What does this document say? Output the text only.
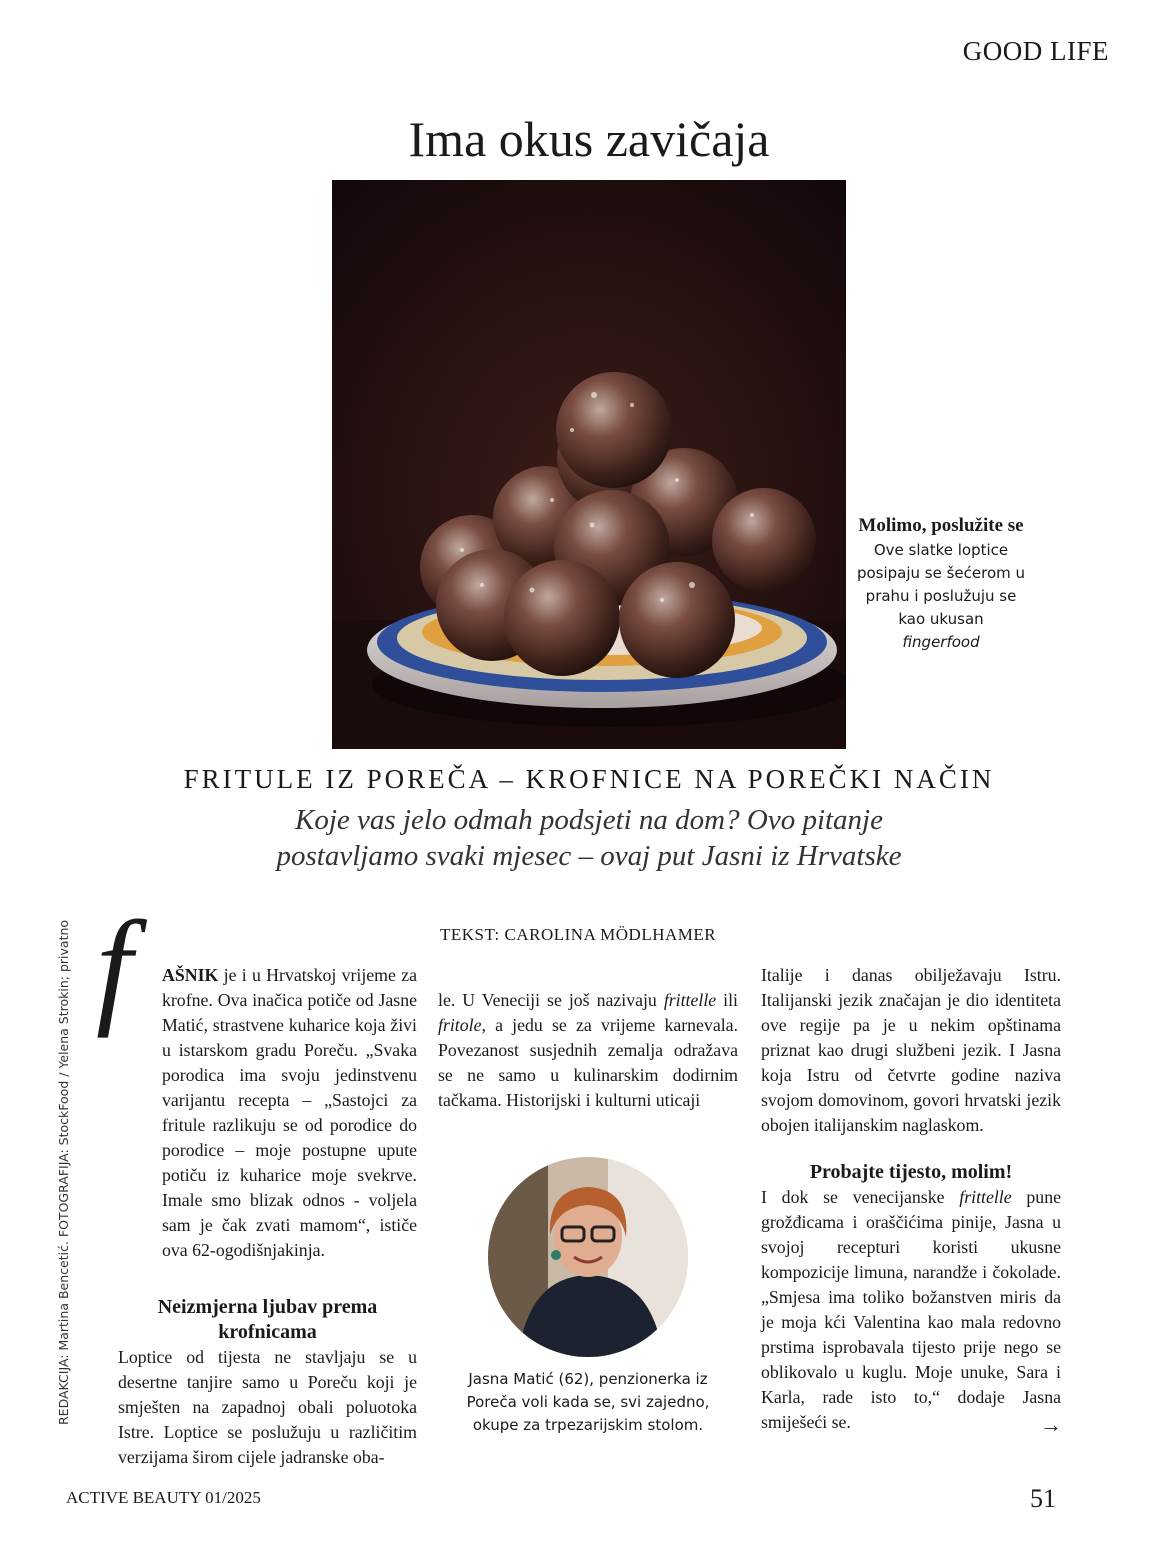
GOOD LIFE
Ima okus zavičaja
Molimo, poslužite se
Ove slatke loptice posipaju se šećerom u prahu i poslužuju se kao ukusan
fingerfood
FRITULE IZ POREČA – KROFNICE NA POREČKI NAČIN
Koje vas jelo odmah podsjeti na dom? Ovo pitanje postavljamo svaki mjesec – ovaj put Jasni iz Hrvatske
TEKST: CAROLINA MÖDLHAMER
REDAKCIJA: Martina Bencetić. FOTOGRAFIJA: StockFood / Yelena Strokin; privatno f	AŠNIK je i u Hrvatskoj vrijeme za krofne. Ova inačica potiče od Jasne Matić, strastvene kuharice koja živi u istarskom gradu Poreču. „Svaka porodica ima svoju jedinstvenu varijantu recepta – „Sastojci za fritule razlikuju se od porodice do porodice – moje postupne upute potiču iz kuharice moje svekrve. Imale smo blizak odnos - voljela sam je čak zvati mamom“, ističe ova 62-ogodišnjakinja.

Neizmjerna ljubav prema krofnicama

Loptice od tijesta ne stavljaju se u desertne tanjire samo u Poreču koji je smješten na zapadnoj obali poluotoka Istre. Loptice se poslužuju u različitim verzijama širom cijele jadranske oba-

le. U Veneciji se još nazivaju frittelle ili fritole, a jedu se za vrijeme karnevala. Povezanost susjednih zemalja odražava se ne samo u kulinarskim dodirnim tačkama. Historijski i kulturni uticaji

Jasna Matić (62), penzionerka iz Poreča voli kada se, svi zajedno, okupe za trpezarijskim stolom.

Italije i danas obilježavaju Istru. Italijanski jezik značajan je dio identiteta ove regije pa je u nekim opštinama priznat kao drugi službeni jezik. I Jasna koja Istru od četvrte godine naziva svojom domovinom, govori hrvatski jezik obojen italijanskim naglaskom.

Probajte tijesto, molim!

I dok se venecijanske frittelle pune grožđicama i oraščićima pinije, Jasna u svojoj recepturi koristi ukusne kompozicije limuna, narandže i čokolade. „Smjesa ima toliko božanstven miris da je moja kći Valentina kao mala redovno prstima isprobavala tijesto prije nego se oblikovalo u kuglu. Moje unuke, Sara i Karla, rade isto to,“ dodaje Jasna smiješeći se.	→
ACTIVE BEAUTY 01/2025	51
